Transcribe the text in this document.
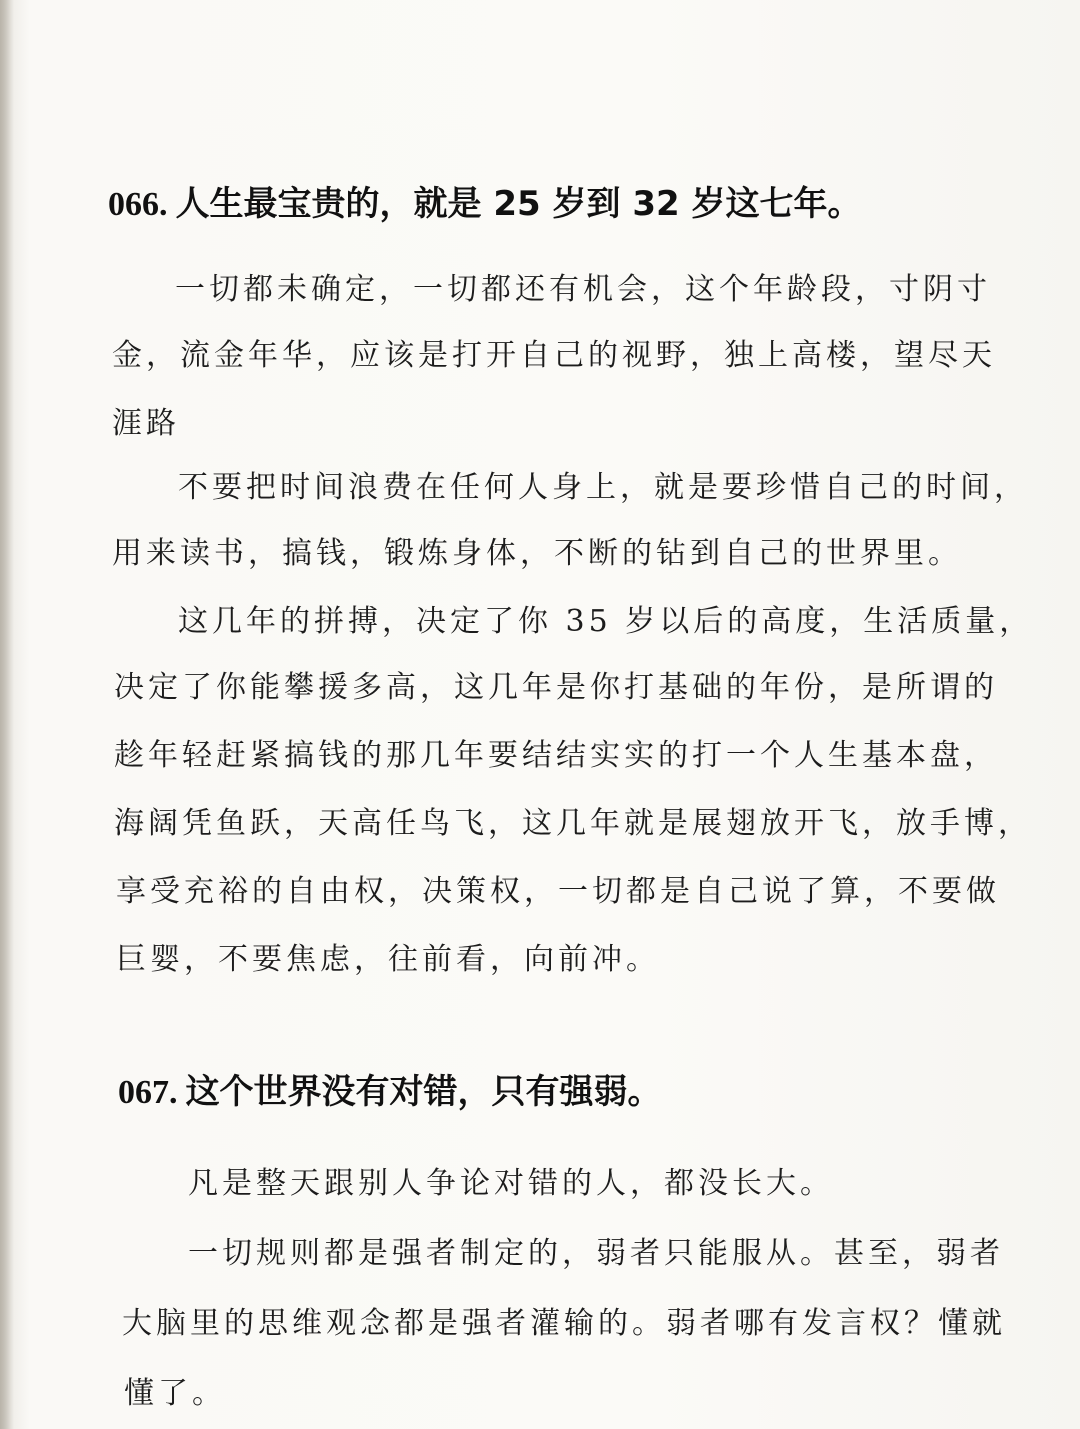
066. 人生最宝贵的，就是 25 岁到 32 岁这七年。
一切都未确定，一切都还有机会，这个年龄段，寸阴寸
金，流金年华，应该是打开自己的视野，独上高楼，望尽天
涯路
不要把时间浪费在任何人身上，就是要珍惜自己的时间，
用来读书，搞钱，锻炼身体，不断的钻到自己的世界里。
这几年的拼搏，决定了你 35 岁以后的高度，生活质量，
决定了你能攀援多高，这几年是你打基础的年份，是所谓的
趁年轻赶紧搞钱的那几年要结结实实的打一个人生基本盘，
海阔凭鱼跃，天高任鸟飞，这几年就是展翅放开飞，放手博，
享受充裕的自由权，决策权，一切都是自己说了算，不要做
巨婴，不要焦虑，往前看，向前冲。
067. 这个世界没有对错，只有强弱。
凡是整天跟别人争论对错的人，都没长大。
一切规则都是强者制定的，弱者只能服从。甚至，弱者
大脑里的思维观念都是强者灌输的。弱者哪有发言权？懂就
懂了。
